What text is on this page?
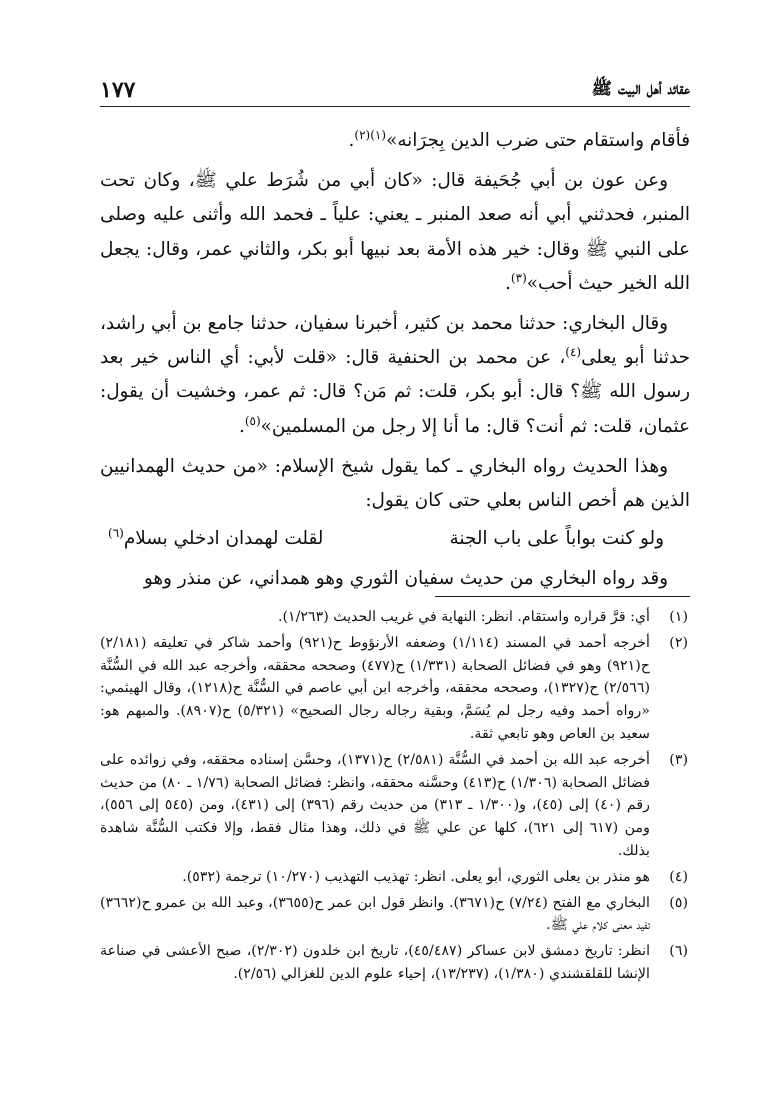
عقائد أهل البيت ﷺ
١٧٧

فأقام واستقام حتى ضرب الدين بِجرَانه»$^{(١)(٢)}$.

وعن عون بن أبي جُحَيفة قال: «كان أبي من شُرَط علي ﷺ، وكان تحت المنبر، فحدثني أبي أنه صعد المنبر ـ يعني: علياً ـ فحمد الله وأثنى عليه وصلى على النبي ﷺ وقال: خير هذه الأمة بعد نبيها أبو بكر، والثاني عمر، وقال: يجعل الله الخير حيث أحب»$^{(٣)}$.

وقال البخاري: حدثنا محمد بن كثير، أخبرنا سفيان، حدثنا جامع بن أبي راشد، حدثنا أبو يعلى$^{(٤)}$، عن محمد بن الحنفية قال: «قلت لأبي: أي الناس خير بعد رسول الله ﷺ؟ قال: أبو بكر، قلت: ثم مَن؟ قال: ثم عمر، وخشيت أن يقول: عثمان، قلت: ثم أنت؟ قال: ما أنا إلا رجل من المسلمين»$^{(٥)}$.

وهذا الحديث رواه البخاري ـ كما يقول شيخ الإسلام: «من حديث الهمدانيين الذين هم أخص الناس بعلي حتى كان يقول:

ولو كنت بواباً على باب الجنة
لقلت لهمدان ادخلي بسلام$^{(٦)}$

وقد رواه البخاري من حديث سفيان الثوري وهو همداني، عن منذر وهو

(١)
أي: قرَّ قراره واستقام. انظر: النهاية في غريب الحديث (١/٢٦٣).
(٢)
أخرجه أحمد في المسند (١/١١٤) وضعفه الأرنؤوط ح(٩٢١) وأحمد شاكر في تعليقه (٢/١٨١) ح(٩٢١) وهو في فضائل الصحابة (١/٣٣١) ح(٤٧٧) وصححه محققه، وأخرجه عبد الله في السُّنَّة (٢/٥٦٦) ح(١٣٢٧)، وصححه محققه، وأخرجه ابن أبي عاصم في السُّنَّة ح(١٢١٨)، وقال الهيثمي: «رواه أحمد وفيه رجل لم يُسَمَّ، وبقية رجاله رجال الصحيح» (٥/٣٢١) ح(٨٩٠٧). والمبهم هو: سعيد بن العاص وهو تابعي ثقة.
(٣)
أخرجه عبد الله بن أحمد في السُّنَّة (٢/٥٨١) ح(١٣٧١)، وحسَّن إسناده محققه، وفي زوائده على فضائل الصحابة (١/٣٠٦) ح(٤١٣) وحسَّنه محققه، وانظر: فضائل الصحابة (١/٧٦ ـ ٨٠) من حديث رقم (٤٠) إلى (٤٥)، و(١/٣٠٠ ـ ٣١٣) من حديث رقم (٣٩٦) إلى (٤٣١)، ومن (٥٤٥ إلى ٥٥٦)، ومن (٦١٧ إلى ٦٢١)، كلها عن علي ﷺ في ذلك، وهذا مثال فقط، وإلا فكتب السُّنَّة شاهدة بذلك.
(٤)
هو منذر بن يعلى الثوري، أبو يعلى. انظر: تهذيب التهذيب (١٠/٢٧٠) ترجمة (٥٣٢).
(٥)
البخاري مع الفتح (٧/٢٤) ح(٣٦٧١). وانظر قول ابن عمر ح(٣٦٥٥)، وعبد الله بن عمرو ح(٣٦٦٢) تفيد معنى كلام علي ﷺ.
(٦)
انظر: تاريخ دمشق لابن عساكر (٤٥/٤٨٧)، تاريخ ابن خلدون (٢/٣٠٢)، صبح الأعشى في صناعة الإنشا للقلقشندي (١/٣٨٠)، (١٣/٢٣٧)، إحياء علوم الدين للغزالي (٢/٥٦).
